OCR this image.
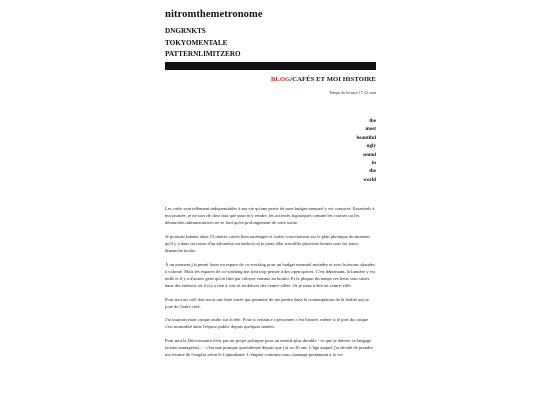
nitromthemetronome
DNGRNKTS
TOKYOMENTALE
PATTERNLIMITZERO
BLOG/CAFÉS ET MOI HISTOIRE
Temps de lecture 17-22 min
the
most
beautiful
ugly
sound
in
the
world

Les cafés sont tellement indispensables à ma vie qu'une partie de mon budget mensuel y est consacré. Essentiels à ma journée, je ne sors de chez moi que pour m'y rendre, les activités logistiques comme les courses ou les démarches administratives ne se font qu'en prolongement de cette sortie.

Je pourrais habiter dans 15 mètres carrés bien aménagés et isolés correctement sur le plan phonique du moment qu'il y a dans un rayon d'un kilomètre un endroit où je peux aller travailler plusieurs heures tous les jours, dimanche inclus.

À un moment j'ai pensé louer un espace de co-working pour un budget mensuel moindre et avec boissons chaudes à volonté. Mais les espaces de co-working me font trop penser à des open spaces. C'est déprimant, la lumière y est nulle et il y a d'autres gens qu'on finit par côtoyer comme au boulot. Et la plupart du temps ces lieux sont situés dans des endroits où il n'y a rien à voir et en dehors des centre-villes. Or je tiens à être en centre-ville.

Pour moi un café doit avoir une baie vitrée qui permette de me perdre dans la contemplation de la réalité qui se joue de l'autre côté.

J'ai toujours mon casque audio sur la tête. Pour si certain.e.s personnes c'est bizarre, même si le port du casque s'est normalisé dans l'espace public depuis quelques années.

Pour moi la Décroissance n'est pas un projet politique pour un monde plus durable - ce que je déteste ce langage techno managérial... - c'est une pratique quotidienne depuis que j'ai eu 30 ans. L'âge auquel j'ai décidé de prendre ma retraite de l'emploi selon le Capitalisme. L'emploi contraint sous chantage permanent à la vie.
